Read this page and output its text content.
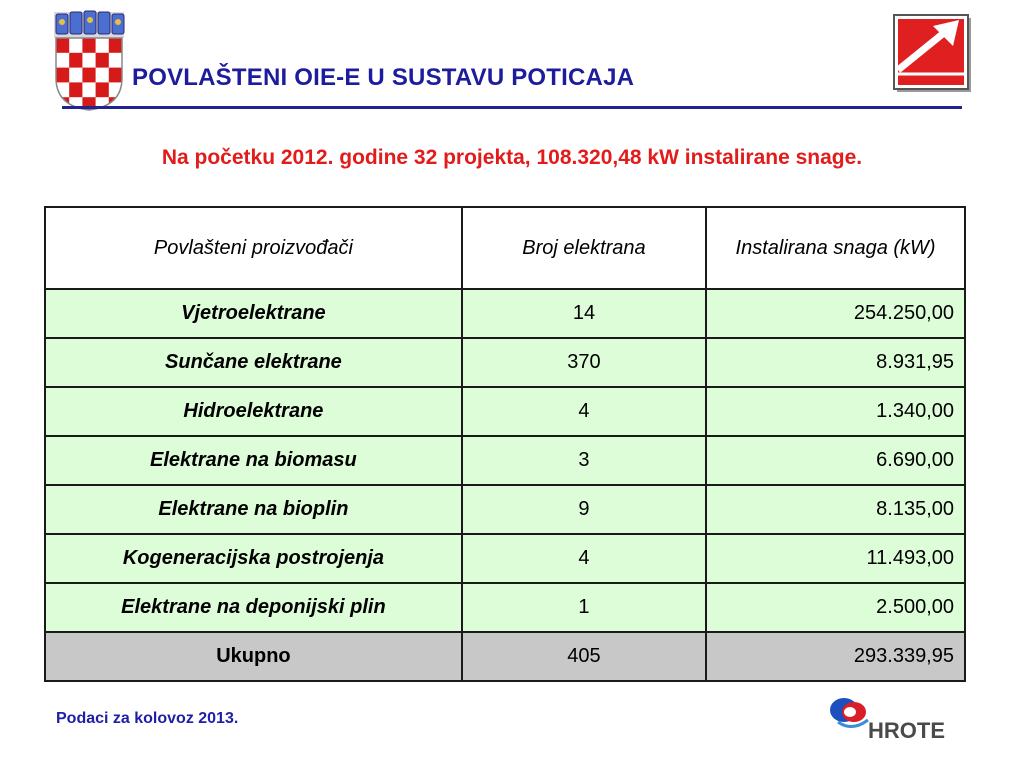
POVLAŠTENI OIE-E U SUSTAVU POTICAJA
Na početku 2012. godine 32 projekta, 108.320,48 kW instalirane snage.
Povlašteni proizvođači	Broj elektrana	Instalirana snaga (kW)
Vjetroelektrane	14	254.250,00
Sunčane elektrane	370	8.931,95
Hidroelektrane	4	1.340,00
Elektrane na biomasu	3	6.690,00
Elektrane na bioplin	9	8.135,00
Kogeneracijska postrojenja	4	11.493,00
Elektrane na deponijski plin	1	2.500,00
Ukupno	405	293.339,95
Podaci za kolovoz 2013.	HROTE
